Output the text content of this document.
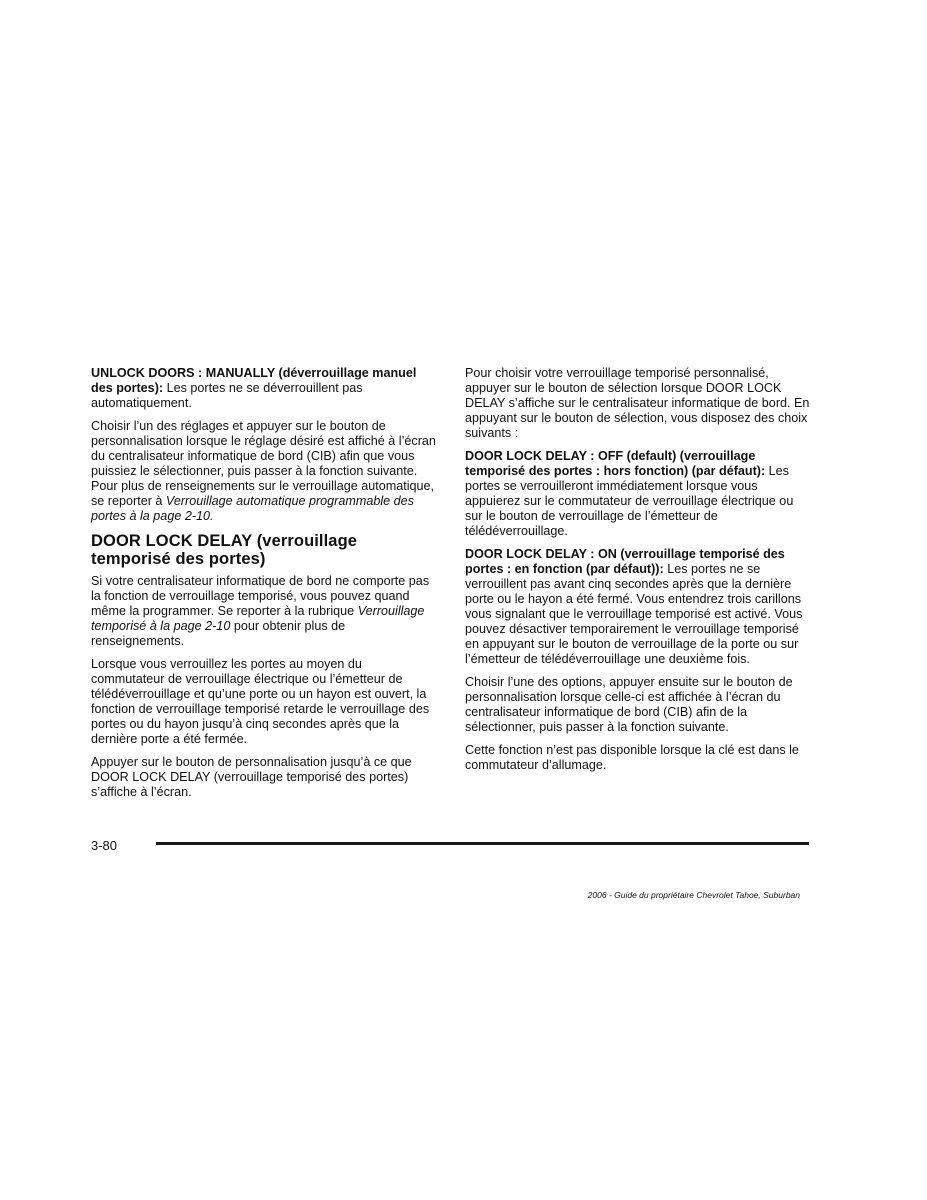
UNLOCK DOORS : MANUALLY (déverrouillage manuel des portes): Les portes ne se déverrouillent pas automatiquement.

Choisir l’un des réglages et appuyer sur le bouton de personnalisation lorsque le réglage désiré est affiché à l’écran du centralisateur informatique de bord (CIB) afin que vous puissiez le sélectionner, puis passer à la fonction suivante. Pour plus de renseignements sur le verrouillage automatique, se reporter à Verrouillage automatique programmable des portes à la page 2-10.

DOOR LOCK DELAY (verrouillage temporisé des portes)

Si votre centralisateur informatique de bord ne comporte pas la fonction de verrouillage temporisé, vous pouvez quand même la programmer. Se reporter à la rubrique Verrouillage temporisé à la page 2-10 pour obtenir plus de renseignements.

Lorsque vous verrouillez les portes au moyen du commutateur de verrouillage électrique ou l’émetteur de télédéverrouillage et qu’une porte ou un hayon est ouvert, la fonction de verrouillage temporisé retarde le verrouillage des portes ou du hayon jusqu’à cinq secondes après que la dernière porte a été fermée.

Appuyer sur le bouton de personnalisation jusqu’à ce que DOOR LOCK DELAY (verrouillage temporisé des portes) s’affiche à l’écran.

Pour choisir votre verrouillage temporisé personnalisé, appuyer sur le bouton de sélection lorsque DOOR LOCK DELAY s’affiche sur le centralisateur informatique de bord. En appuyant sur le bouton de sélection, vous disposez des choix suivants :

DOOR LOCK DELAY : OFF (default) (verrouillage temporisé des portes : hors fonction) (par défaut): Les portes se verrouilleront immédiatement lorsque vous appuierez sur le commutateur de verrouillage électrique ou sur le bouton de verrouillage de l’émetteur de télédéverrouillage.

DOOR LOCK DELAY : ON (verrouillage temporisé des portes : en fonction (par défaut)): Les portes ne se verrouillent pas avant cinq secondes après que la dernière porte ou le hayon a été fermé. Vous entendrez trois carillons vous signalant que le verrouillage temporisé est activé. Vous pouvez désactiver temporairement le verrouillage temporisé en appuyant sur le bouton de verrouillage de la porte ou sur l’émetteur de télédéverrouillage une deuxième fois.

Choisir l’une des options, appuyer ensuite sur le bouton de personnalisation lorsque celle-ci est affichée à l’écran du centralisateur informatique de bord (CIB) afin de la sélectionner, puis passer à la fonction suivante.

Cette fonction n’est pas disponible lorsque la clé est dans le commutateur d’allumage.

3-80
2006 - Guide du propriétaire Chevrolet Tahoe, Suburban
